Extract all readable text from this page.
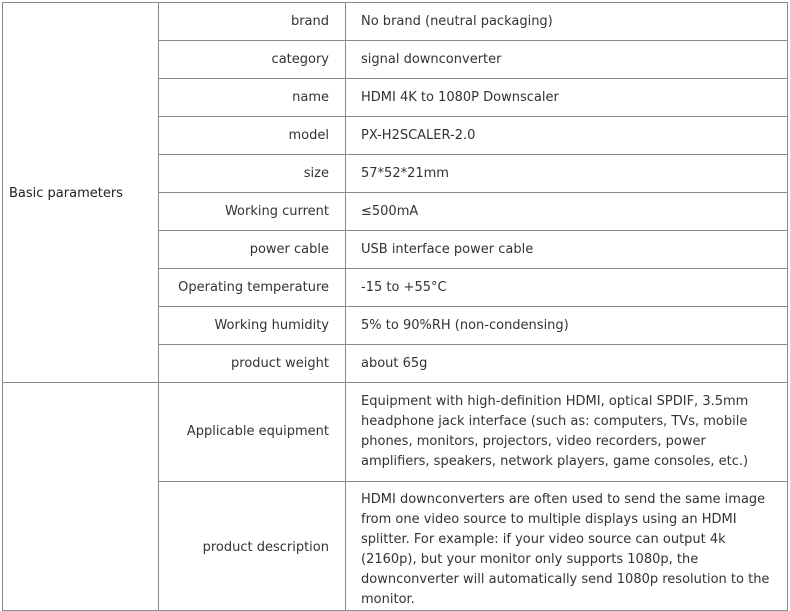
Basic parameters	brand	No brand (neutral packaging)
	category	signal downconverter
	name	HDMI 4K to 1080P Downscaler
	model	PX-H2SCALER-2.0
	size	57*52*21mm
	Working current	≤500mA
	power cable	USB interface power cable
	Operating temperature	-15 to +55°C
	Working humidity	5% to 90%RH (non-condensing)
	product weight	about 65g
	Applicable equipment	Equipment with high-definition HDMI, optical SPDIF, 3.5mm headphone jack interface (such as: computers, TVs, mobile phones, monitors, projectors, video recorders, power amplifiers, speakers, network players, game consoles, etc.)
	product description	HDMI downconverters are often used to send the same image from one video source to multiple displays using an HDMI splitter. For example: if your video source can output 4k (2160p), but your monitor only supports 1080p, the downconverter will automatically send 1080p resolution to the monitor.
